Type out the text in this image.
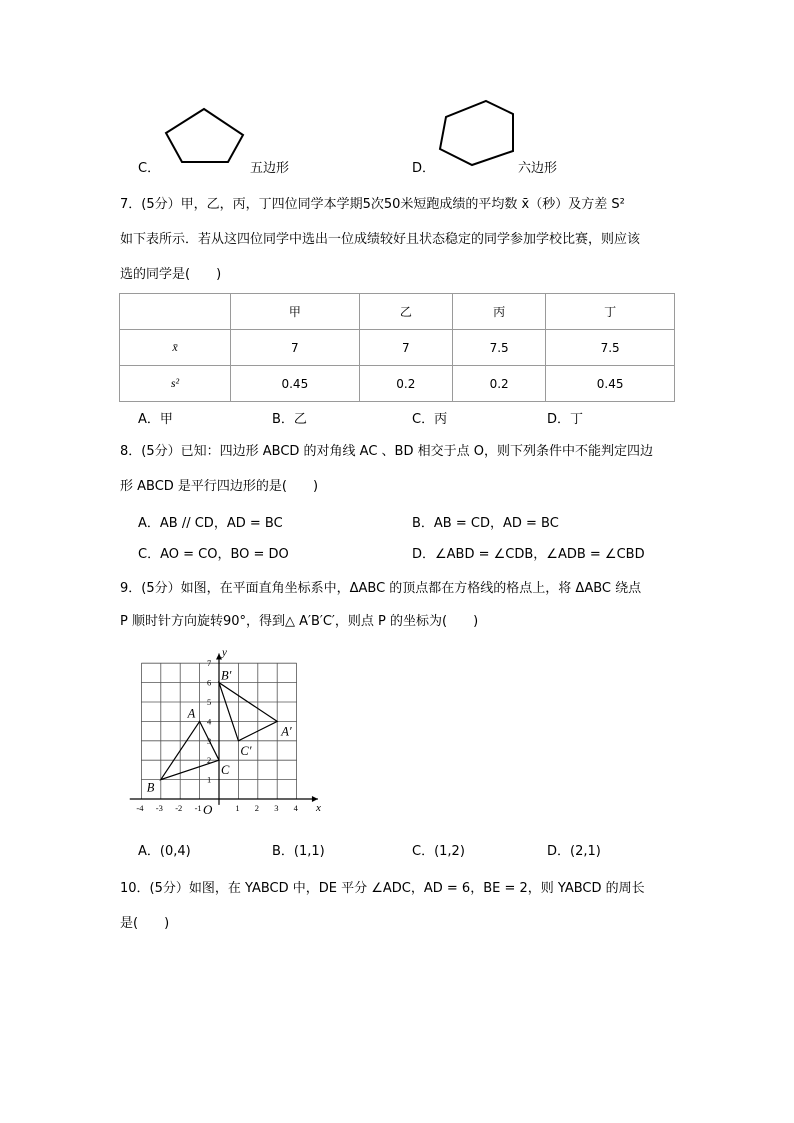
C．	五边形	D．	六边形
7．(5分）甲，乙，丙，丁四位同学本学期5次50米短跑成绩的平均数 x̄（秒）及方差 S²
如下表所示．若从这四位同学中选出一位成绩较好且状态稳定的同学参加学校比赛，则应该
选的同学是(　　)
	甲	乙	丙	丁
x̄	7	7	7.5	7.5
s²	0.45	0.2	0.2	0.45
A．甲	B．乙	C．丙	D．丁
8．(5分）已知：四边形 ABCD 的对角线 AC 、BD 相交于点 O，则下列条件中不能判定四边
形 ABCD 是平行四边形的是(　　)
A．AB // CD，AD = BC	B．AB = CD，AD = BC
C．AO = CO，BO = DO	D．∠ABD = ∠CDB，∠ADB = ∠CBD
9．(5分）如图，在平面直角坐标系中，ΔABC 的顶点都在方格线的格点上，将 ΔABC 绕点
P 顺时针方向旋转90°，得到△ A′B′C′，则点 P 的坐标为(　　)
x
y
O
-4 -3 -2 -1	1 2 3 4
1
2
3
4
5
6
7
A
B
C
A′
B′
C′
A．(0,4)	B．(1,1)	C．(1,2)	D．(2,1)
10．(5分）如图，在 YABCD 中，DE 平分 ∠ADC，AD = 6，BE = 2，则 YABCD 的周长
是(　　)
